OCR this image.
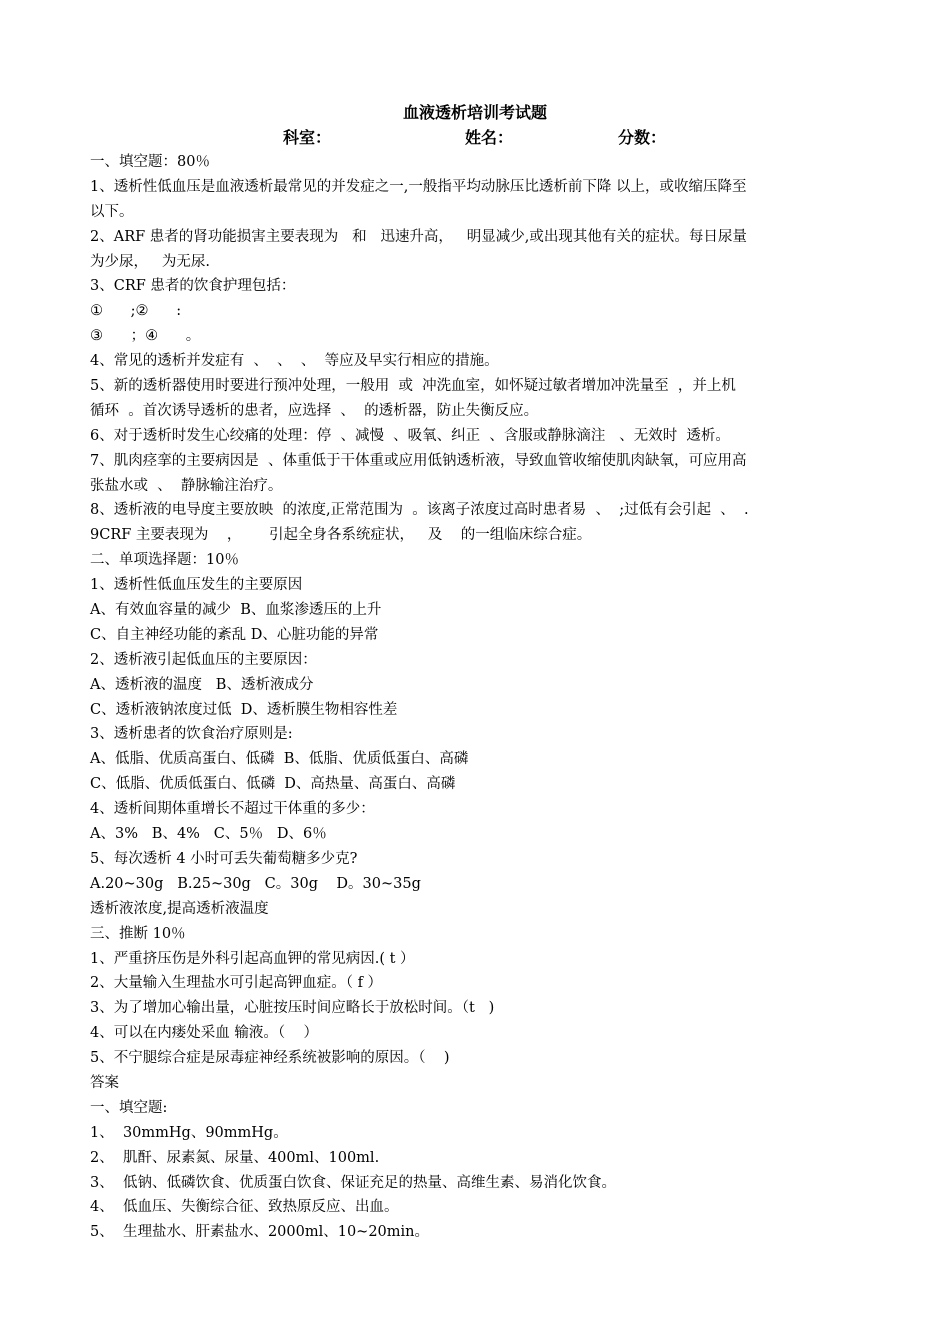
血液透析培训考试题
科室：	姓名：	分数：
一、填空题：80％
1、透析性低血压是血液透析最常见的并发症之一,一般指平均动脉压比透析前下降 以上，或收缩压降至
以下。
2、ARF 患者的肾功能损害主要表现为   和   迅速升高，   明显减少,或出现其他有关的症状。每日尿量
为少尿，   为无尿.
3、CRF 患者的饮食护理包括：
①      ;②      :
③      ；④      。
4、常见的透析并发症有  、  、  、  等应及早实行相应的措施。
5、新的透析器使用时要进行预冲处理，一般用  或  冲洗血室，如怀疑过敏者增加冲洗量至  ，并上机
循环  。首次诱导透析的患者，应选择  、  的透析器，防止失衡反应。
6、对于透析时发生心绞痛的处理：停  、减慢  、吸氧、纠正  、含服或静脉滴注   、无效时  透析。
7、肌肉痉挛的主要病因是  、体重低于干体重或应用低钠透析液，导致血管收缩使肌肉缺氧，可应用高
张盐水或  、  静脉输注治疗。
8、透析液的电导度主要放映  的浓度,正常范围为  。该离子浓度过高时患者易  、  ;过低有会引起  、  .
9CRF 主要表现为    ，      引起全身各系统症状，   及    的一组临床综合症。
二、单项选择题：10％
1、透析性低血压发生的主要原因
A、有效血容量的减少  B、血浆渗透压的上升
C、自主神经功能的紊乱 D、心脏功能的异常
2、透析液引起低血压的主要原因：
A、透析液的温度   B、透析液成分
C、透析液钠浓度过低  D、透析膜生物相容性差
3、透析患者的饮食治疗原则是:
A、低脂、优质高蛋白、低磷  B、低脂、优质低蛋白、高磷
C、低脂、优质低蛋白、低磷  D、高热量、高蛋白、高磷
4、透析间期体重增长不超过干体重的多少：
A、3%   B、4%   C、5％   D、6％
5、每次透析 4 小时可丢失葡萄糖多少克?
A.20~30g   B.25~30g   C。30g    D。30~35g
透析液浓度,提高透析液温度
三、推断 10％
1、严重挤压伤是外科引起高血钾的常见病因.( t ）
2、大量输入生理盐水可引起高钾血症。（ f ）
3、为了增加心输出量，心脏按压时间应略长于放松时间。（t   )
4、可以在内瘘处采血 输液。（    ）
5、不宁腿综合症是尿毒症神经系统被影响的原因。（    )
答案
一、填空题:
1、  30mmHg、90mmHg。
2、  肌酐、尿素氮、尿量、400ml、100ml.
3、  低钠、低磷饮食、优质蛋白饮食、保证充足的热量、高维生素、易消化饮食。
4、  低血压、失衡综合征、致热原反应、出血。
5、  生理盐水、肝素盐水、2000ml、10~20min。
